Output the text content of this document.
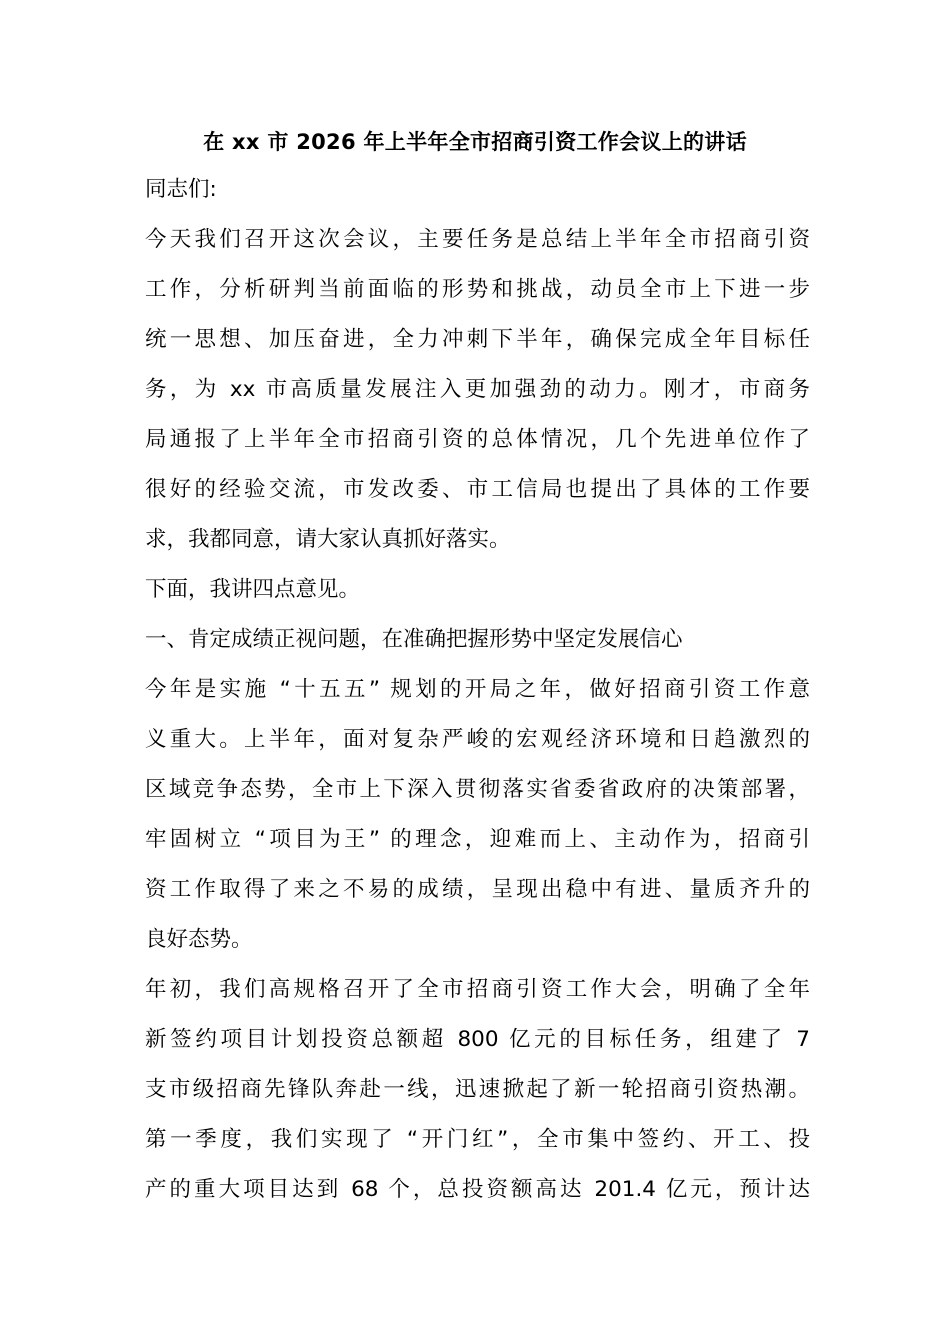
在 xx 市 2026 年上半年全市招商引资工作会议上的讲话
同志们:
今天我们召开这次会议，主要任务是总结上半年全市招商引资
工作，分析研判当前面临的形势和挑战，动员全市上下进一步
统一思想、加压奋进，全力冲刺下半年，确保完成全年目标任
务，为 xx 市高质量发展注入更加强劲的动力。刚才，市商务
局通报了上半年全市招商引资的总体情况，几个先进单位作了
很好的经验交流，市发改委、市工信局也提出了具体的工作要
求，我都同意，请大家认真抓好落实。
下面，我讲四点意见。
一、肯定成绩正视问题，在准确把握形势中坚定发展信心
今年是实施 “十五五” 规划的开局之年，做好招商引资工作意
义重大。上半年，面对复杂严峻的宏观经济环境和日趋激烈的
区域竞争态势，全市上下深入贯彻落实省委省政府的决策部署，
牢固树立 “项目为王” 的理念，迎难而上、主动作为，招商引
资工作取得了来之不易的成绩，呈现出稳中有进、量质齐升的
良好态势。
年初，我们高规格召开了全市招商引资工作大会，明确了全年
新签约项目计划投资总额超 800 亿元的目标任务，组建了 7
支市级招商先锋队奔赴一线，迅速掀起了新一轮招商引资热潮。
第一季度，我们实现了 “开门红”，全市集中签约、开工、投
产的重大项目达到 68 个，总投资额高达 201.4 亿元，预计达
